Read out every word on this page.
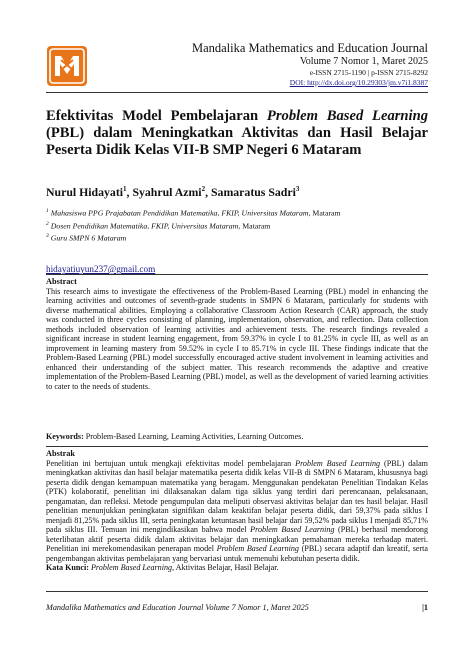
Mandalika Mathematics and Education Journal
Volume 7 Nomor 1, Maret 2025
e-ISSN 2715-1190 | p-ISSN 2715-8292
DOI: http://dx.doi.org/10.29303/jm.v7i1.8387
Efektivitas Model Pembelajaran Problem Based Learning (PBL) dalam Meningkatkan Aktivitas dan Hasil Belajar Peserta Didik Kelas VII-B SMP Negeri 6 Mataram
Nurul Hidayati$^1$, Syahrul Azmi$^2$, Samaratus Sadri$^3$
$^1$ Mahasiswa PPG Prajabatan Pendidikan Matematika, FKIP, Universitas Mataram, Mataram
$^2$ Dosen Pendidikan Matematika, FKIP, Universitas Mataram, Mataram
$^3$ Guru SMPN 6 Mataram
hidayatiuyun237@gmail.com
Abstract
This research aims to investigate the effectiveness of the Problem-Based Learning (PBL) model in enhancing the learning activities and outcomes of seventh-grade students in SMPN 6 Mataram, particularly for students with diverse mathematical abilities. Employing a collaborative Classroom Action Research (CAR) approach, the study was conducted in three cycles consisting of planning, implementation, observation, and reflection. Data collection methods included observation of learning activities and achievement tests. The research findings revealed a significant increase in student learning engagement, from 59.37% in cycle I to 81.25% in cycle III, as well as an improvement in learning mastery from 59.52% in cycle I to 85.71% in cycle III. These findings indicate that the Problem-Based Learning (PBL) model successfully encouraged active student involvement in learning activities and enhanced their understanding of the subject matter. This research recommends the adaptive and creative implementation of the Problem-Based Learning (PBL) model, as well as the development of varied learning activities to cater to the needs of students.
Keywords: Problem-Based Learning, Learning Activities, Learning Outcomes.
Abstrak
Penelitian ini bertujuan untuk mengkaji efektivitas model pembelajaran Problem Based Learning (PBL) dalam meningkatkan aktivitas dan hasil belajar matematika peserta didik kelas VII-B di SMPN 6 Mataram, khususnya bagi peserta didik dengan kemampuan matematika yang beragam. Menggunakan pendekatan Penelitian Tindakan Kelas (PTK) kolaboratif, penelitian ini dilaksanakan dalam tiga siklus yang terdiri dari perencanaan, pelaksanaan, pengamatan, dan refleksi. Metode pengumpulan data meliputi observasi aktivitas belajar dan tes hasil belajar. Hasil penelitian menunjukkan peningkatan signifikan dalam keaktifan belajar peserta didik, dari 59,37% pada siklus I menjadi 81,25% pada siklus III, serta peningkatan ketuntasan hasil belajar dari 59,52% pada siklus I menjadi 85,71% pada siklus III. Temuan ini mengindikasikan bahwa model Problem Based Learning (PBL) berhasil mendorong keterlibatan aktif peserta didik dalam aktivitas belajar dan meningkatkan pemahaman mereka terhadap materi. Penelitian ini merekomendasikan penerapan model Problem Based Learning (PBL) secara adaptif dan kreatif, serta pengembangan aktivitas pembelajaran yang bervariasi untuk memenuhi kebutuhan peserta didik.
Kata Kunci: Problem Based Learning, Aktivitas Belajar, Hasil Belajar.
Mandalika Mathematics and Education Journal Volume 7 Nomor 1, Maret 2025	|1
